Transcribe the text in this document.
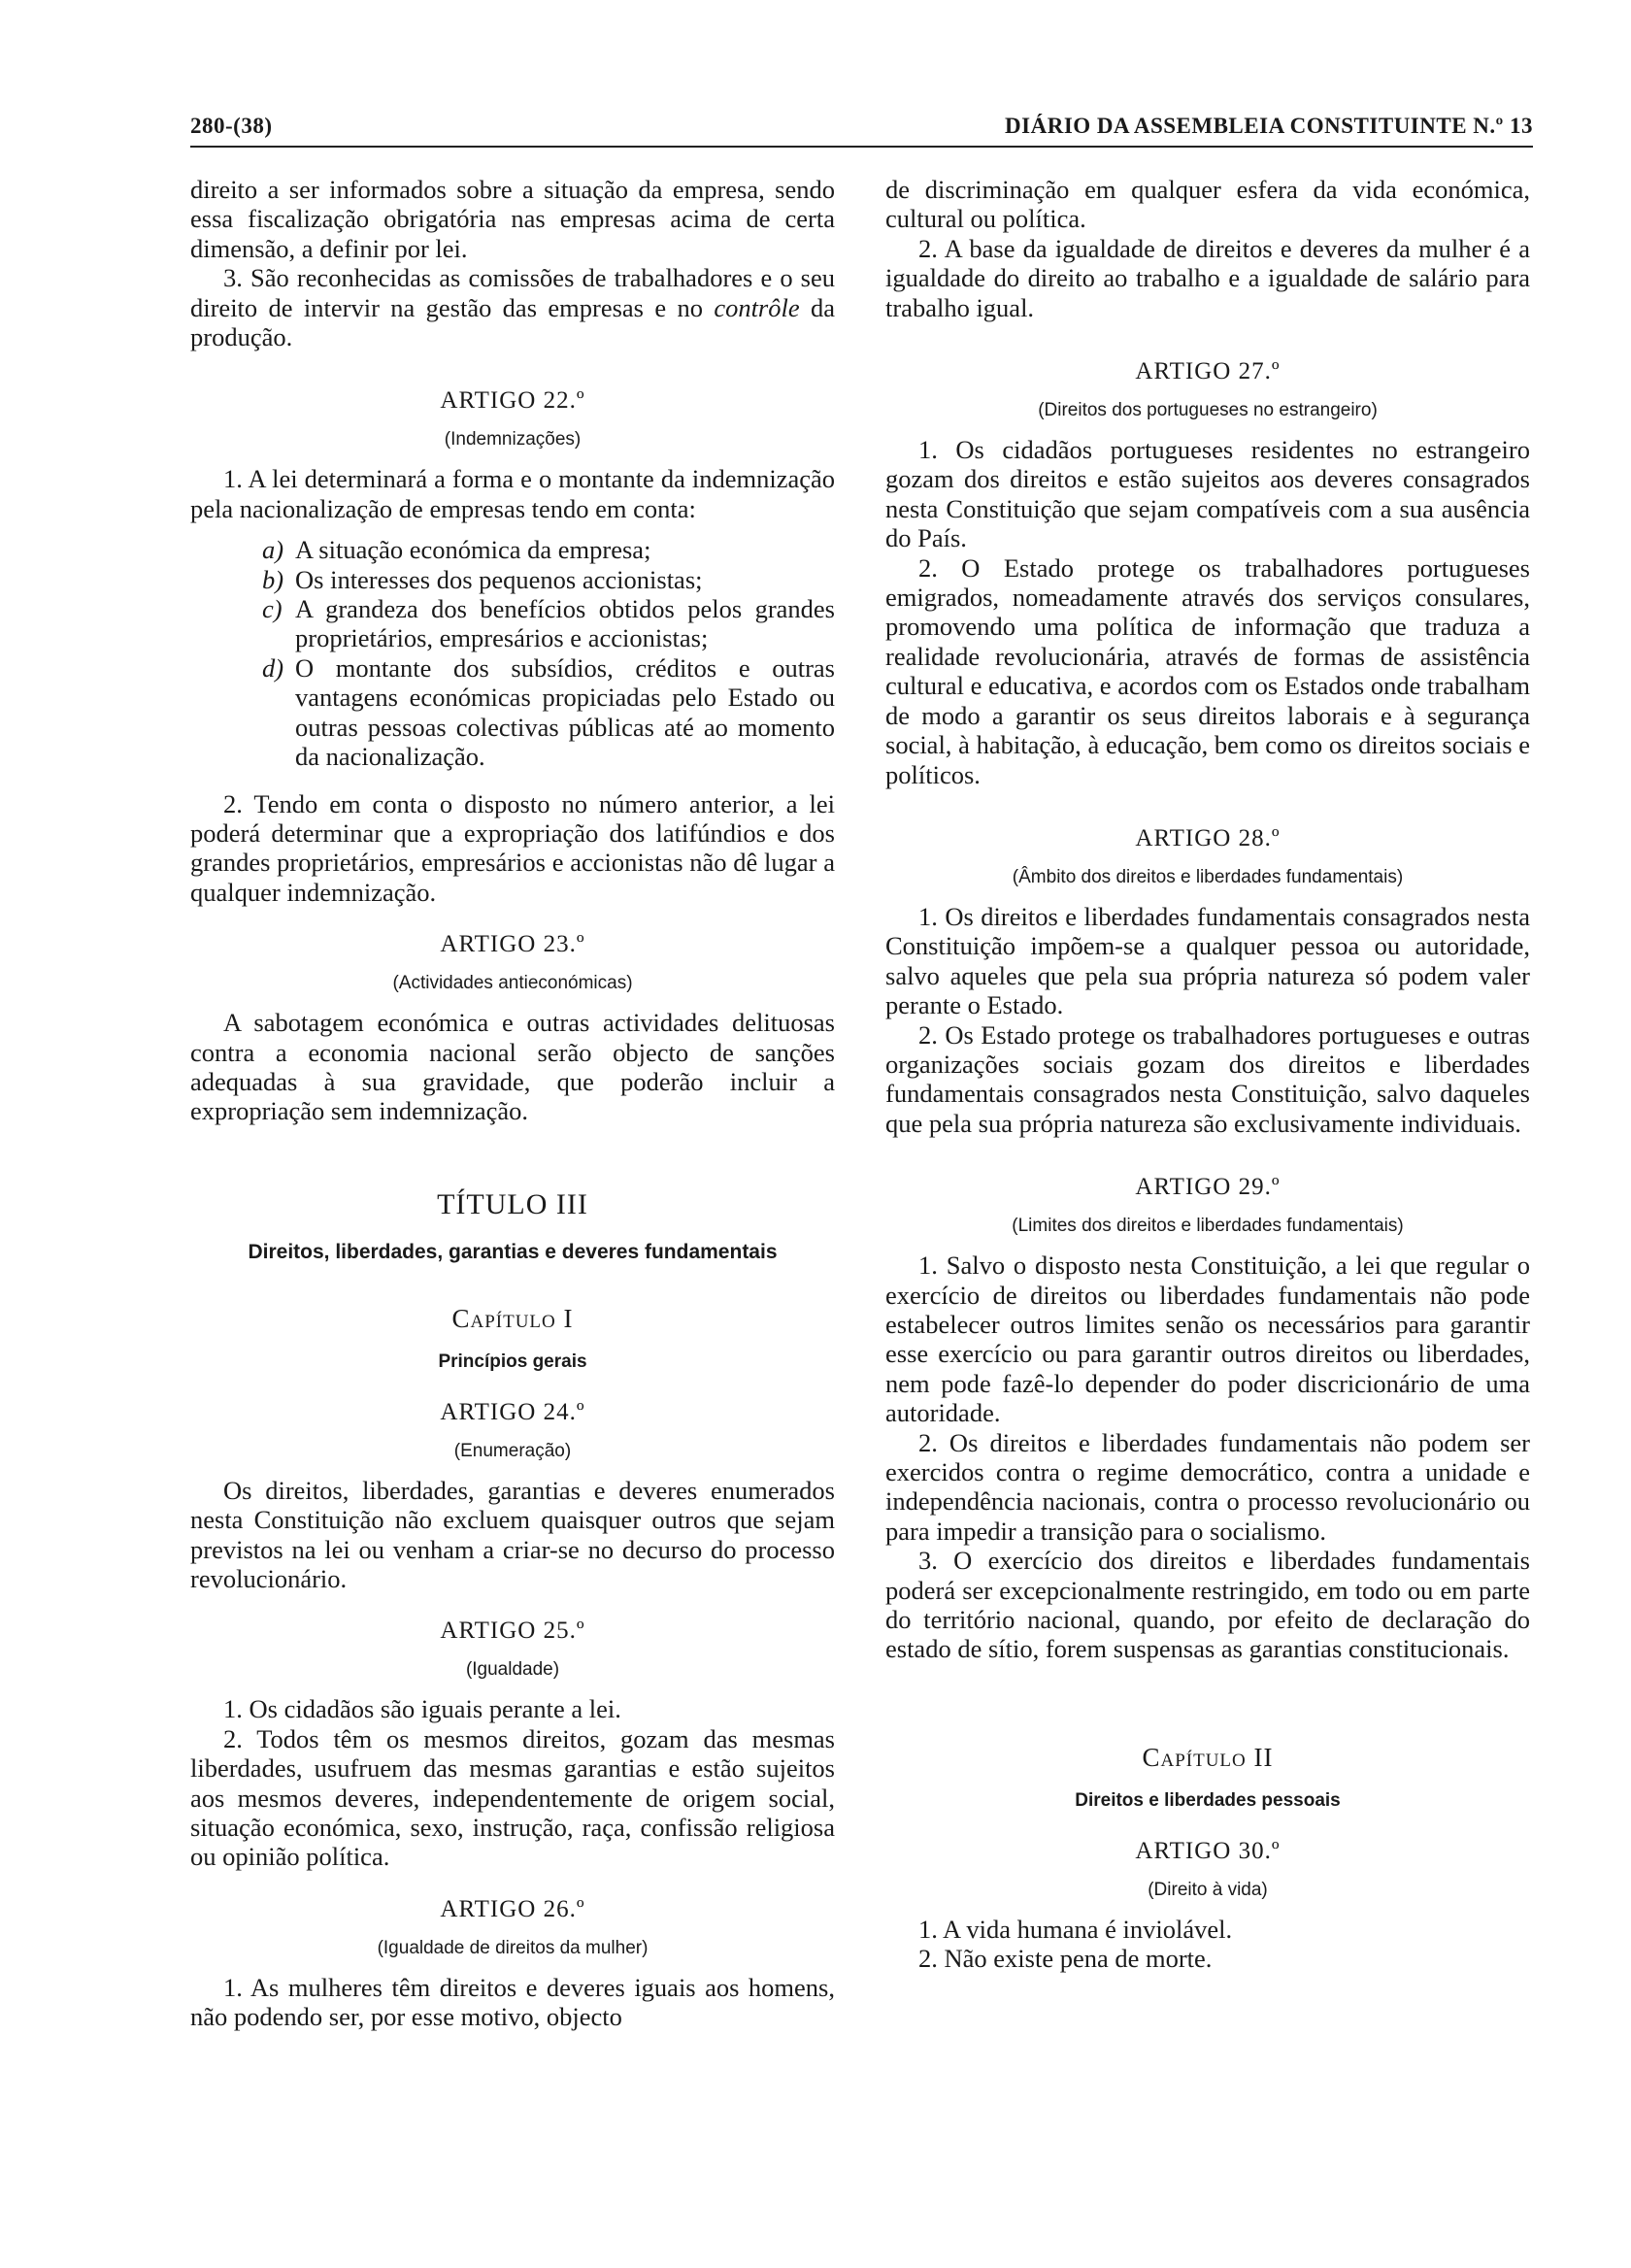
280-(38)	DIÁRIO DA ASSEMBLEIA CONSTITUINTE N.º 13

direito a ser informados sobre a situação da empresa, sendo essa fiscalização obrigatória nas empresas acima de certa dimensão, a definir por lei.

3. São reconhecidas as comissões de trabalhadores e o seu direito de intervir na gestão das empresas e no contrôle da produção.

ARTIGO 22.º
(Indemnizações)

1. A lei determinará a forma e o montante da indemnização pela nacionalização de empresas tendo em conta:

a) A situação económica da empresa;
b) Os interesses dos pequenos accionistas;
c) A grandeza dos benefícios obtidos pelos grandes proprietários, empresários e accionistas;
d) O montante dos subsídios, créditos e outras vantagens económicas propiciadas pelo Estado ou outras pessoas colectivas públicas até ao momento da nacionalização.

2. Tendo em conta o disposto no número anterior, a lei poderá determinar que a expropriação dos latifúndios e dos grandes proprietários, empresários e accionistas não dê lugar a qualquer indemnização.

ARTIGO 23.º
(Actividades antieconómicas)

A sabotagem económica e outras actividades delituosas contra a economia nacional serão objecto de sanções adequadas à sua gravidade, que poderão incluir a expropriação sem indemnização.

TÍTULO III
Direitos, liberdades, garantias e deveres fundamentais
Capítulo I
Princípios gerais
ARTIGO 24.º
(Enumeração)

Os direitos, liberdades, garantias e deveres enumerados nesta Constituição não excluem quaisquer outros que sejam previstos na lei ou venham a criar-se no decurso do processo revolucionário.

ARTIGO 25.º
(Igualdade)

1. Os cidadãos são iguais perante a lei.

2. Todos têm os mesmos direitos, gozam das mesmas liberdades, usufruem das mesmas garantias e estão sujeitos aos mesmos deveres, independentemente de origem social, situação económica, sexo, instrução, raça, confissão religiosa ou opinião política.

ARTIGO 26.º
(Igualdade de direitos da mulher)

1. As mulheres têm direitos e deveres iguais aos homens, não podendo ser, por esse motivo, objecto

de discriminação em qualquer esfera da vida económica, cultural ou política.

2. A base da igualdade de direitos e deveres da mulher é a igualdade do direito ao trabalho e a igualdade de salário para trabalho igual.

ARTIGO 27.º
(Direitos dos portugueses no estrangeiro)

1. Os cidadãos portugueses residentes no estrangeiro gozam dos direitos e estão sujeitos aos deveres consagrados nesta Constituição que sejam compatíveis com a sua ausência do País.

2. O Estado protege os trabalhadores portugueses emigrados, nomeadamente através dos serviços consulares, promovendo uma política de informação que traduza a realidade revolucionária, através de formas de assistência cultural e educativa, e acordos com os Estados onde trabalham de modo a garantir os seus direitos laborais e à segurança social, à habitação, à educação, bem como os direitos sociais e políticos.

ARTIGO 28.º
(Âmbito dos direitos e liberdades fundamentais)

1. Os direitos e liberdades fundamentais consagrados nesta Constituição impõem-se a qualquer pessoa ou autoridade, salvo aqueles que pela sua própria natureza só podem valer perante o Estado.

2. Os Estado protege os trabalhadores portugueses e outras organizações sociais gozam dos direitos e liberdades fundamentais consagrados nesta Constituição, salvo daqueles que pela sua própria natureza são exclusivamente individuais.

ARTIGO 29.º
(Limites dos direitos e liberdades fundamentais)

1. Salvo o disposto nesta Constituição, a lei que regular o exercício de direitos ou liberdades fundamentais não pode estabelecer outros limites senão os necessários para garantir esse exercício ou para garantir outros direitos ou liberdades, nem pode fazê-lo depender do poder discricionário de uma autoridade.

2. Os direitos e liberdades fundamentais não podem ser exercidos contra o regime democrático, contra a unidade e independência nacionais, contra o processo revolucionário ou para impedir a transição para o socialismo.

3. O exercício dos direitos e liberdades fundamentais poderá ser excepcionalmente restringido, em todo ou em parte do território nacional, quando, por efeito de declaração do estado de sítio, forem suspensas as garantias constitucionais.

Capítulo II
Direitos e liberdades pessoais
ARTIGO 30.º
(Direito à vida)

1. A vida humana é inviolável.

2. Não existe pena de morte.
